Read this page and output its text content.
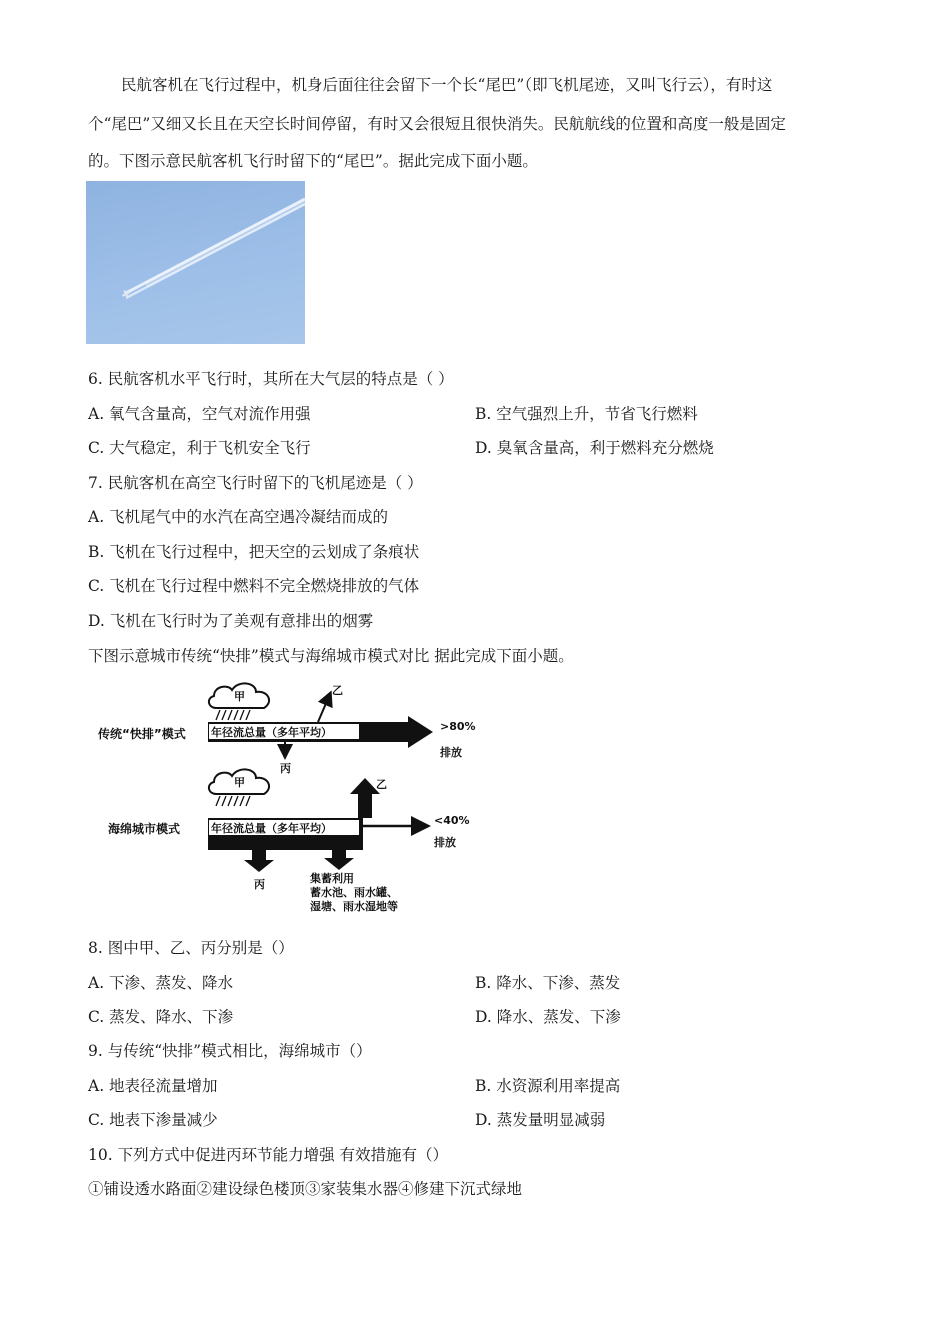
民航客机在飞行过程中，机身后面往往会留下一个长“尾巴”（即飞机尾迹，又叫飞行云），有时这
个“尾巴”又细又长且在天空长时间停留，有时又会很短且很快消失。民航航线的位置和高度一般是固定
的。下图示意民航客机飞行时留下的“尾巴”。据此完成下面小题。
6. 民航客机水平飞行时，其所在大气层的特点是（ ）
A. 氧气含量高，空气对流作用强	B. 空气强烈上升，节省飞行燃料
C. 大气稳定，利于飞机安全飞行	D. 臭氧含量高，利于燃料充分燃烧
7. 民航客机在高空飞行时留下的飞机尾迹是（ ）
A. 飞机尾气中的水汽在高空遇冷凝结而成的
B. 飞机在飞行过程中，把天空的云划成了条痕状
C. 飞机在飞行过程中燃料不完全燃烧排放的气体
D. 飞机在飞行时为了美观有意排出的烟雾
下图示意城市传统“快排”模式与海绵城市模式对比 据此完成下面小题。
传统“快排”模式
甲
年径流总量（多年平均）
乙
丙
>80%
排放
海绵城市模式
甲
年径流总量（多年平均）
乙
<40%
排放
丙	集蓄利用
蓄水池、雨水罐、
湿塘、雨水湿地等
8. 图中甲、乙、丙分别是（）
A. 下渗、蒸发、降水	B. 降水、下渗、蒸发
C. 蒸发、降水、下渗	D. 降水、蒸发、下渗
9. 与传统“快排”模式相比，海绵城市（）
A. 地表径流量增加	B. 水资源利用率提高
C. 地表下渗量减少	D. 蒸发量明显减弱
10. 下列方式中促进丙环节能力增强 有效措施有（）
①铺设透水路面②建设绿色楼顶③家装集水器④修建下沉式绿地
